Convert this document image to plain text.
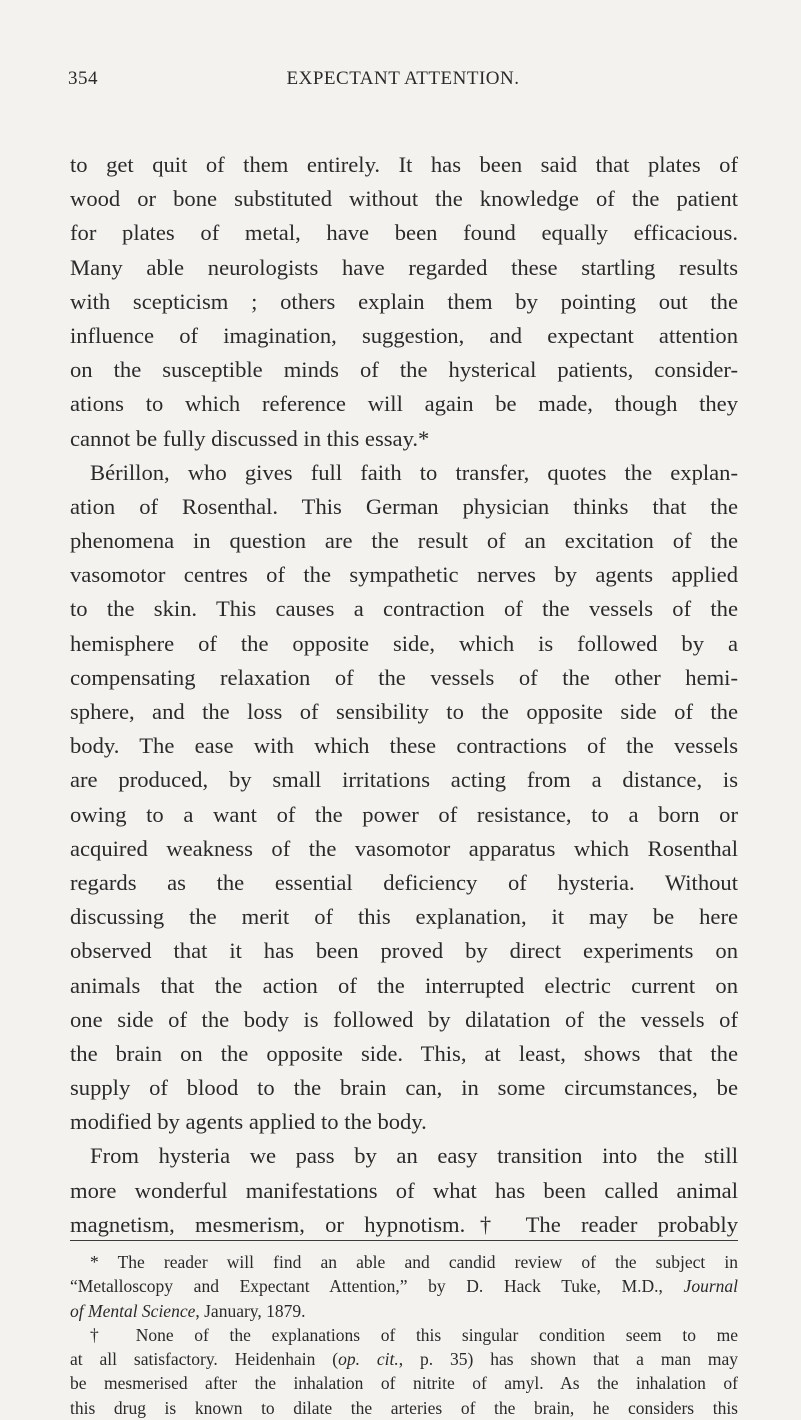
354	EXPECTANT ATTENTION.
to get quit of them entirely. It has been said that plates of
wood or bone substituted without the knowledge of the patient
for plates of metal, have been found equally efficacious.
Many able neurologists have regarded these startling results
with scepticism ; others explain them by pointing out the
influence of imagination, suggestion, and expectant attention
on the susceptible minds of the hysterical patients, consider-
ations to which reference will again be made, though they
cannot be fully discussed in this essay.*
Bérillon, who gives full faith to transfer, quotes the explan-
ation of Rosenthal. This German physician thinks that the
phenomena in question are the result of an excitation of the
vasomotor centres of the sympathetic nerves by agents applied
to the skin. This causes a contraction of the vessels of the
hemisphere of the opposite side, which is followed by a
compensating relaxation of the vessels of the other hemi-
sphere, and the loss of sensibility to the opposite side of the
body. The ease with which these contractions of the vessels
are produced, by small irritations acting from a distance, is
owing to a want of the power of resistance, to a born or
acquired weakness of the vasomotor apparatus which Rosenthal
regards as the essential deficiency of hysteria. Without
discussing the merit of this explanation, it may be here
observed that it has been proved by direct experiments on
animals that the action of the interrupted electric current on
one side of the body is followed by dilatation of the vessels of
the brain on the opposite side. This, at least, shows that the
supply of blood to the brain can, in some circumstances, be
modified by agents applied to the body.
From hysteria we pass by an easy transition into the still
more wonderful manifestations of what has been called animal
magnetism, mesmerism, or hypnotism.† The reader probably
* The reader will find an able and candid review of the subject in
“Metalloscopy and Expectant Attention,” by D. Hack Tuke, M.D., Journal
of Mental Science, January, 1879.
† None of the explanations of this singular condition seem to me
at all satisfactory. Heidenhain (op. cit., p. 35) has shown that a man may
be mesmerised after the inhalation of nitrite of amyl. As the inhalation of
this drug is known to dilate the arteries of the brain, he considers this
